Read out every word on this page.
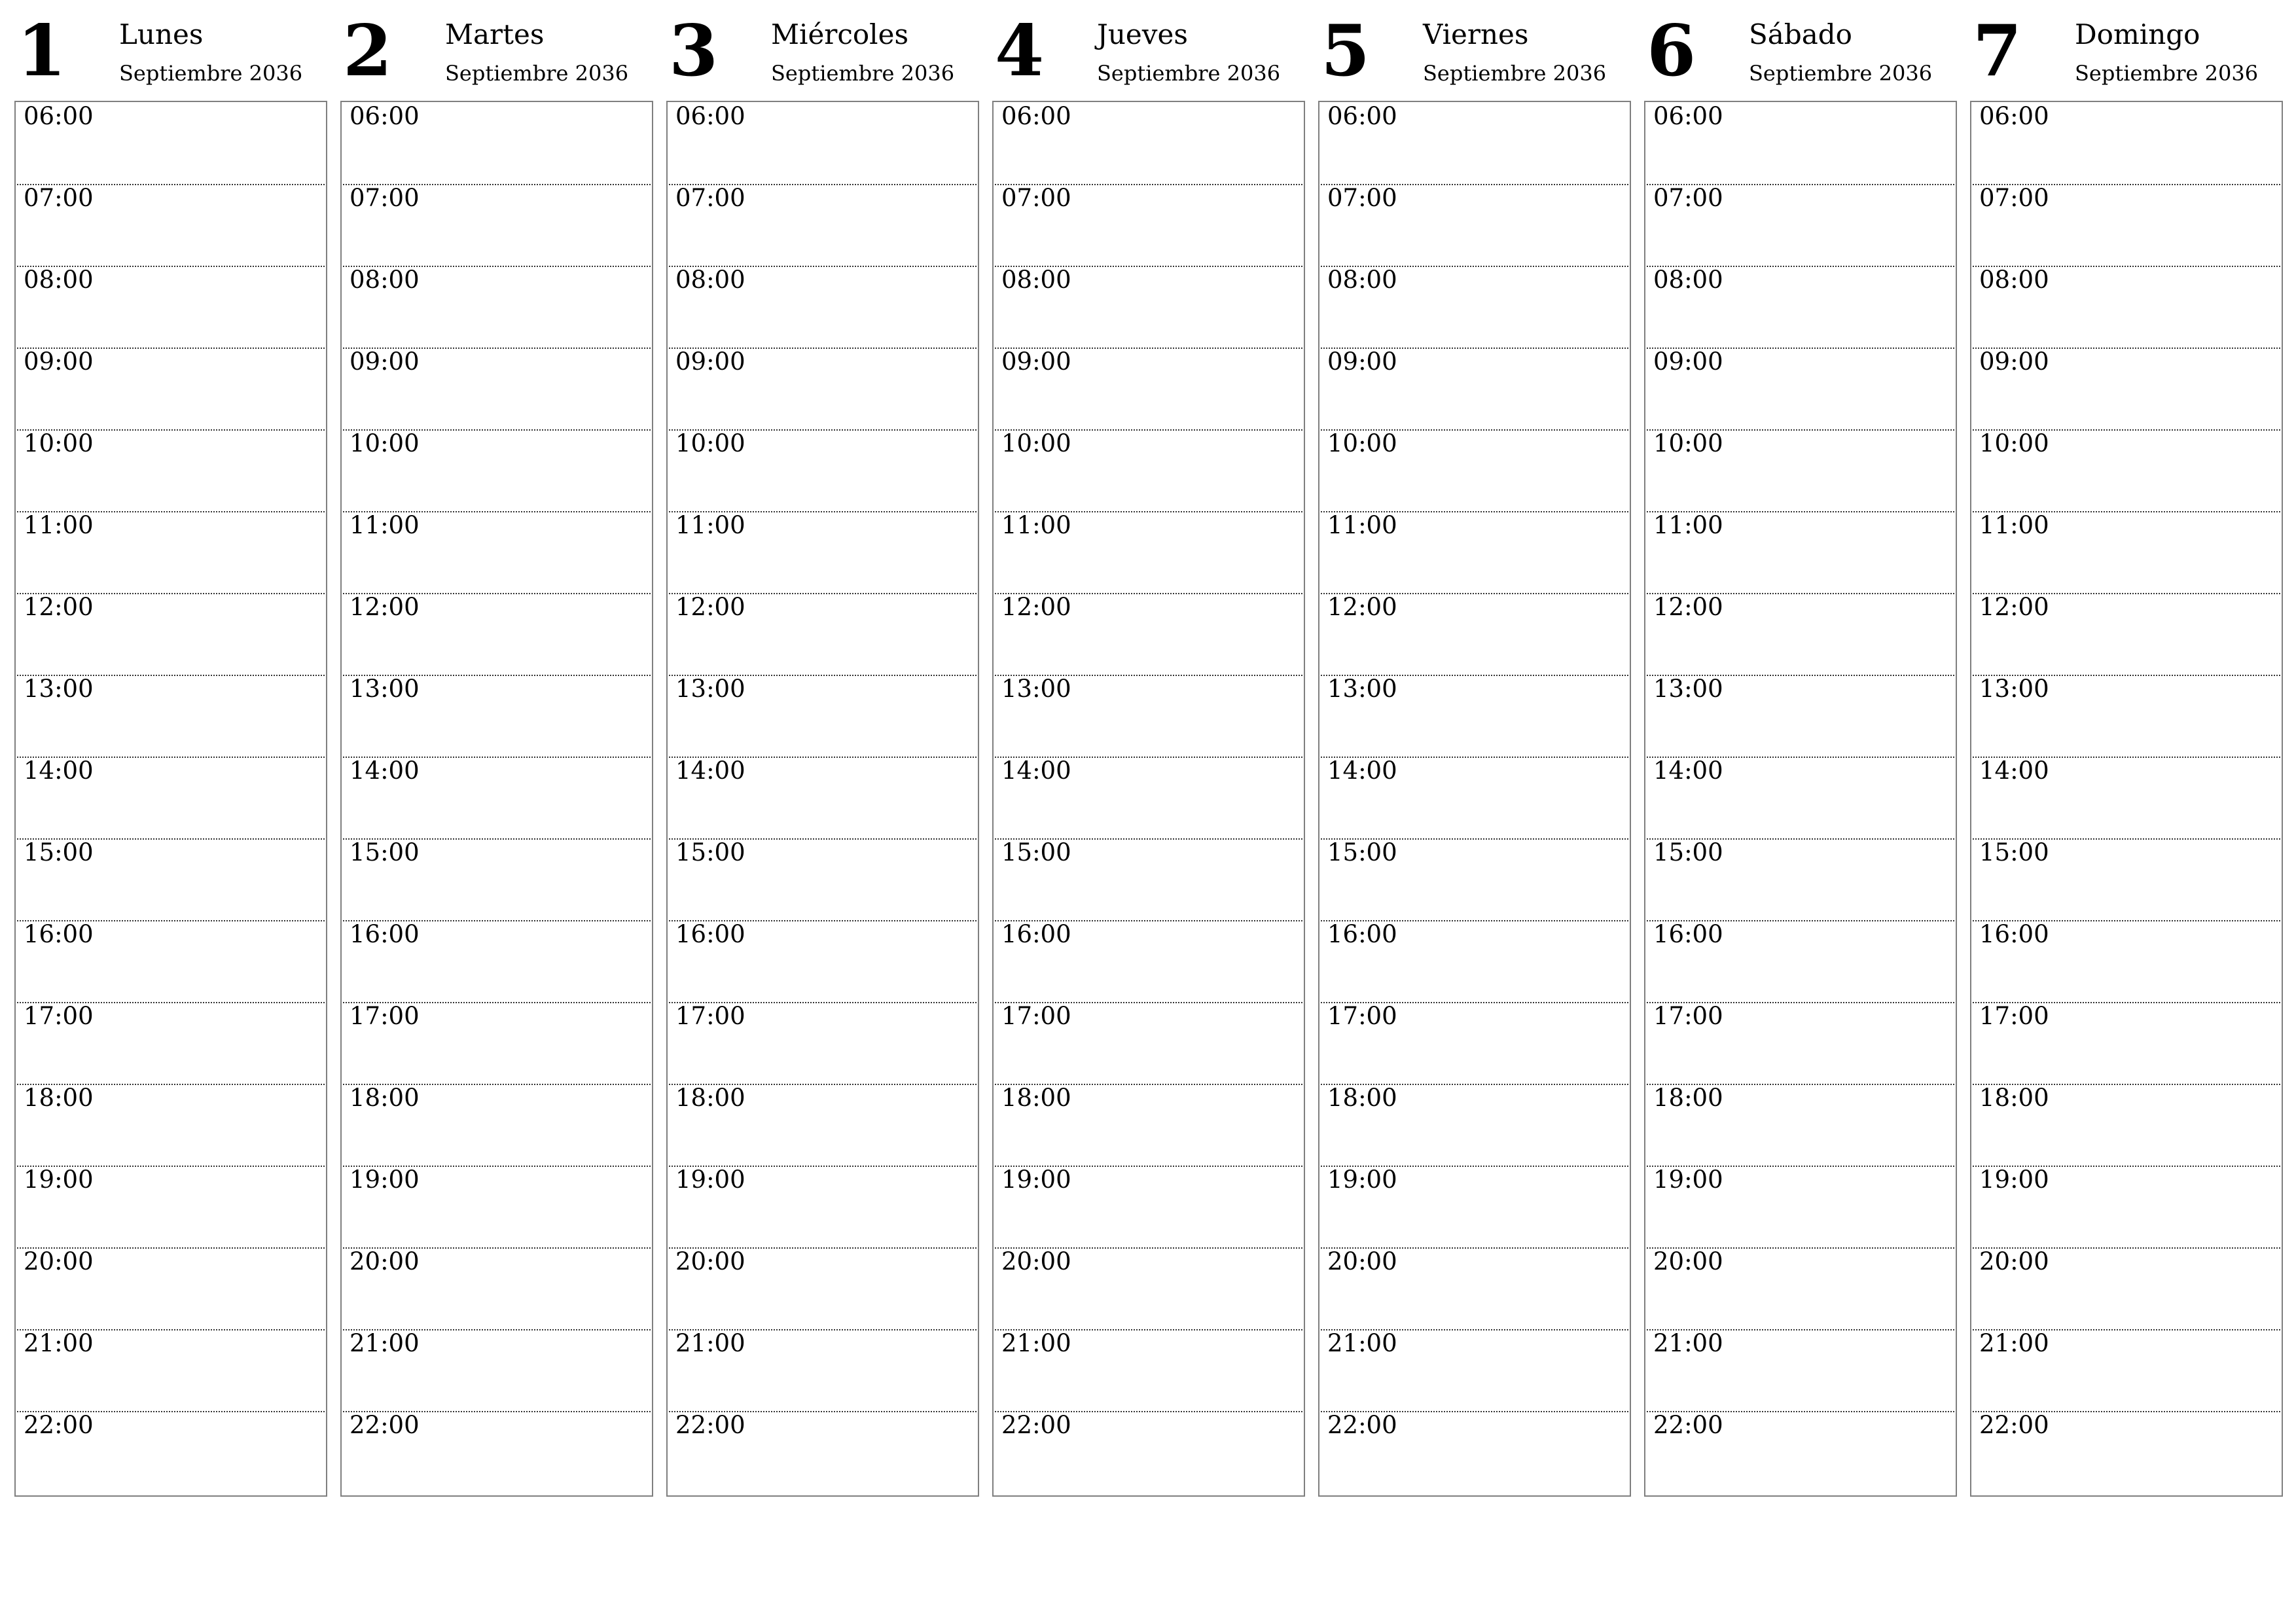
1 Lunes
Septiembre 2036
06:00
07:00
08:00
09:00
10:00
11:00
12:00
13:00
14:00
15:00
16:00
17:00
18:00
19:00
20:00
21:00
22:00
2 Martes
Septiembre 2036
06:00
07:00
08:00
09:00
10:00
11:00
12:00
13:00
14:00
15:00
16:00
17:00
18:00
19:00
20:00
21:00
22:00
3 Miércoles
Septiembre 2036
06:00
07:00
08:00
09:00
10:00
11:00
12:00
13:00
14:00
15:00
16:00
17:00
18:00
19:00
20:00
21:00
22:00
4 Jueves
Septiembre 2036
06:00
07:00
08:00
09:00
10:00
11:00
12:00
13:00
14:00
15:00
16:00
17:00
18:00
19:00
20:00
21:00
22:00
5 Viernes
Septiembre 2036
06:00
07:00
08:00
09:00
10:00
11:00
12:00
13:00
14:00
15:00
16:00
17:00
18:00
19:00
20:00
21:00
22:00
6 Sábado
Septiembre 2036
06:00
07:00
08:00
09:00
10:00
11:00
12:00
13:00
14:00
15:00
16:00
17:00
18:00
19:00
20:00
21:00
22:00
7 Domingo
Septiembre 2036
06:00
07:00
08:00
09:00
10:00
11:00
12:00
13:00
14:00
15:00
16:00
17:00
18:00
19:00
20:00
21:00
22:00
